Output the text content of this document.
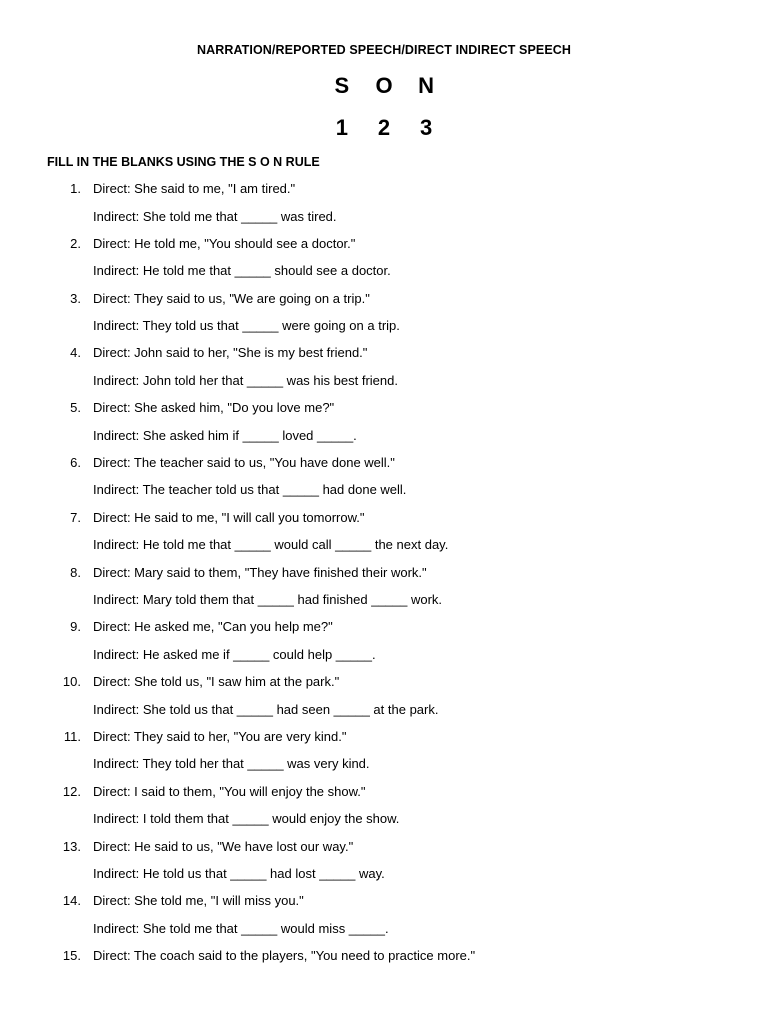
NARRATION/REPORTED SPEECH/DIRECT INDIRECT SPEECH
S O N
1 2 3
FILL IN THE BLANKS USING THE S O N RULE
1. Direct: She said to me, "I am tired."
Indirect: She told me that _____ was tired.
2. Direct: He told me, "You should see a doctor."
Indirect: He told me that _____ should see a doctor.
3. Direct: They said to us, "We are going on a trip."
Indirect: They told us that _____ were going on a trip.
4. Direct: John said to her, "She is my best friend."
Indirect: John told her that _____ was his best friend.
5. Direct: She asked him, "Do you love me?"
Indirect: She asked him if _____ loved _____.
6. Direct: The teacher said to us, "You have done well."
Indirect: The teacher told us that _____ had done well.
7. Direct: He said to me, "I will call you tomorrow."
Indirect: He told me that _____ would call _____ the next day.
8. Direct: Mary said to them, "They have finished their work."
Indirect: Mary told them that _____ had finished _____ work.
9. Direct: He asked me, "Can you help me?"
Indirect: He asked me if _____ could help _____.
10. Direct: She told us, "I saw him at the park."
Indirect: She told us that _____ had seen _____ at the park.
11. Direct: They said to her, "You are very kind."
Indirect: They told her that _____ was very kind.
12. Direct: I said to them, "You will enjoy the show."
Indirect: I told them that _____ would enjoy the show.
13. Direct: He said to us, "We have lost our way."
Indirect: He told us that _____ had lost _____ way.
14. Direct: She told me, "I will miss you."
Indirect: She told me that _____ would miss _____.
15. Direct: The coach said to the players, "You need to practice more."
